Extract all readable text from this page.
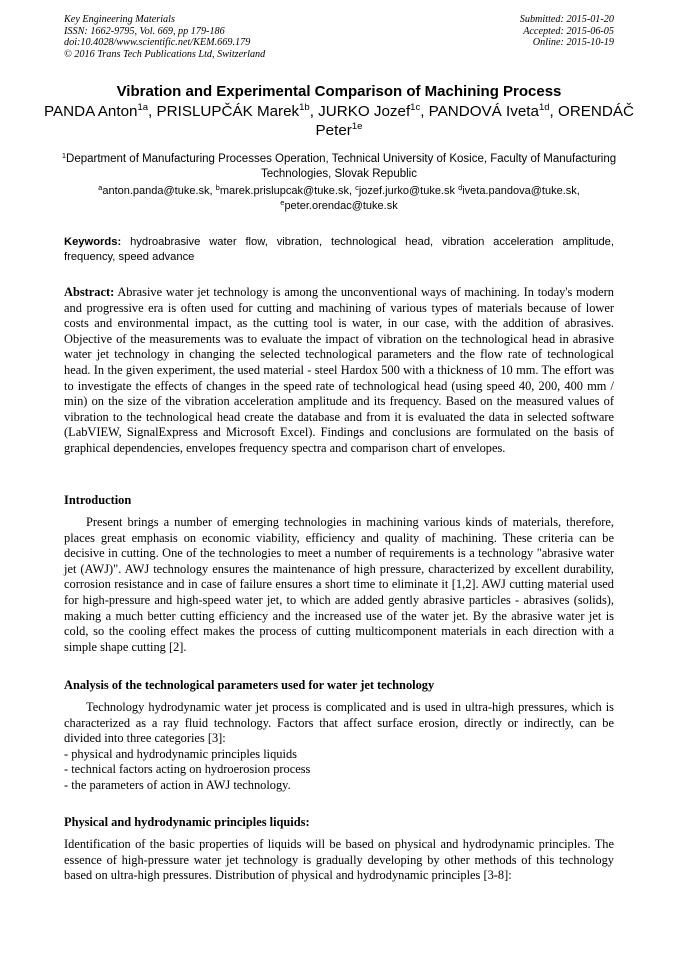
Key Engineering Materials
ISSN: 1662-9795, Vol. 669, pp 179-186
doi:10.4028/www.scientific.net/KEM.669.179
© 2016 Trans Tech Publications Ltd, Switzerland
Submitted: 2015-01-20
Accepted: 2015-06-05
Online: 2015-10-19
Vibration and Experimental Comparison of Machining Process
PANDA Anton$^{1a}$, PRISLUPČÁK Marek$^{1b}$, JURKO Jozef$^{1c}$, PANDOVÁ Iveta$^{1d}$, ORENDÁČ Peter$^{1e}$
$^1$Department of Manufacturing Processes Operation, Technical University of Kosice, Faculty of Manufacturing Technologies, Slovak Republic
$^a$anton.panda@tuke.sk, $^b$marek.prislupcak@tuke.sk, $^c$jozef.jurko@tuke.sk $^d$iveta.pandova@tuke.sk,
$^e$peter.orendac@tuke.sk
Keywords: hydroabrasive water flow, vibration, technological head, vibration acceleration amplitude, frequency, speed advance
Abstract: Abrasive water jet technology is among the unconventional ways of machining. In today's modern and progressive era is often used for cutting and machining of various types of materials because of lower costs and environmental impact, as the cutting tool is water, in our case, with the addition of abrasives. Objective of the measurements was to evaluate the impact of vibration on the technological head in abrasive water jet technology in changing the selected technological parameters and the flow rate of technological head. In the given experiment, the used material - steel Hardox 500 with a thickness of 10 mm. The effort was to investigate the effects of changes in the speed rate of technological head (using speed 40, 200, 400 mm / min) on the size of the vibration acceleration amplitude and its frequency. Based on the measured values of vibration to the technological head create the database and from it is evaluated the data in selected software (LabVIEW, SignalExpress and Microsoft Excel). Findings and conclusions are formulated on the basis of graphical dependencies, envelopes frequency spectra and comparison chart of envelopes.
Introduction
Present brings a number of emerging technologies in machining various kinds of materials, therefore, places great emphasis on economic viability, efficiency and quality of machining. These criteria can be decisive in cutting. One of the technologies to meet a number of requirements is a technology "abrasive water jet (AWJ)". AWJ technology ensures the maintenance of high pressure, characterized by excellent durability, corrosion resistance and in case of failure ensures a short time to eliminate it [1,2]. AWJ cutting material used for high-pressure and high-speed water jet, to which are added gently abrasive particles - abrasives (solids), making a much better cutting efficiency and the increased use of the water jet. By the abrasive water jet is cold, so the cooling effect makes the process of cutting multicomponent materials in each direction with a simple shape cutting [2].
Analysis of the technological parameters used for water jet technology

Technology hydrodynamic water jet process is complicated and is used in ultra-high pressures, which is characterized as a ray fluid technology. Factors that affect surface erosion, directly or indirectly, can be divided into three categories [3]:

- physical and hydrodynamic principles liquids
- technical factors acting on hydroerosion process
- the parameters of action in AWJ technology.
Physical and hydrodynamic principles liquids:
Identification of the basic properties of liquids will be based on physical and hydrodynamic principles. The essence of high-pressure water jet technology is gradually developing by other methods of this technology based on ultra-high pressures. Distribution of physical and hydrodynamic principles [3-8]:
